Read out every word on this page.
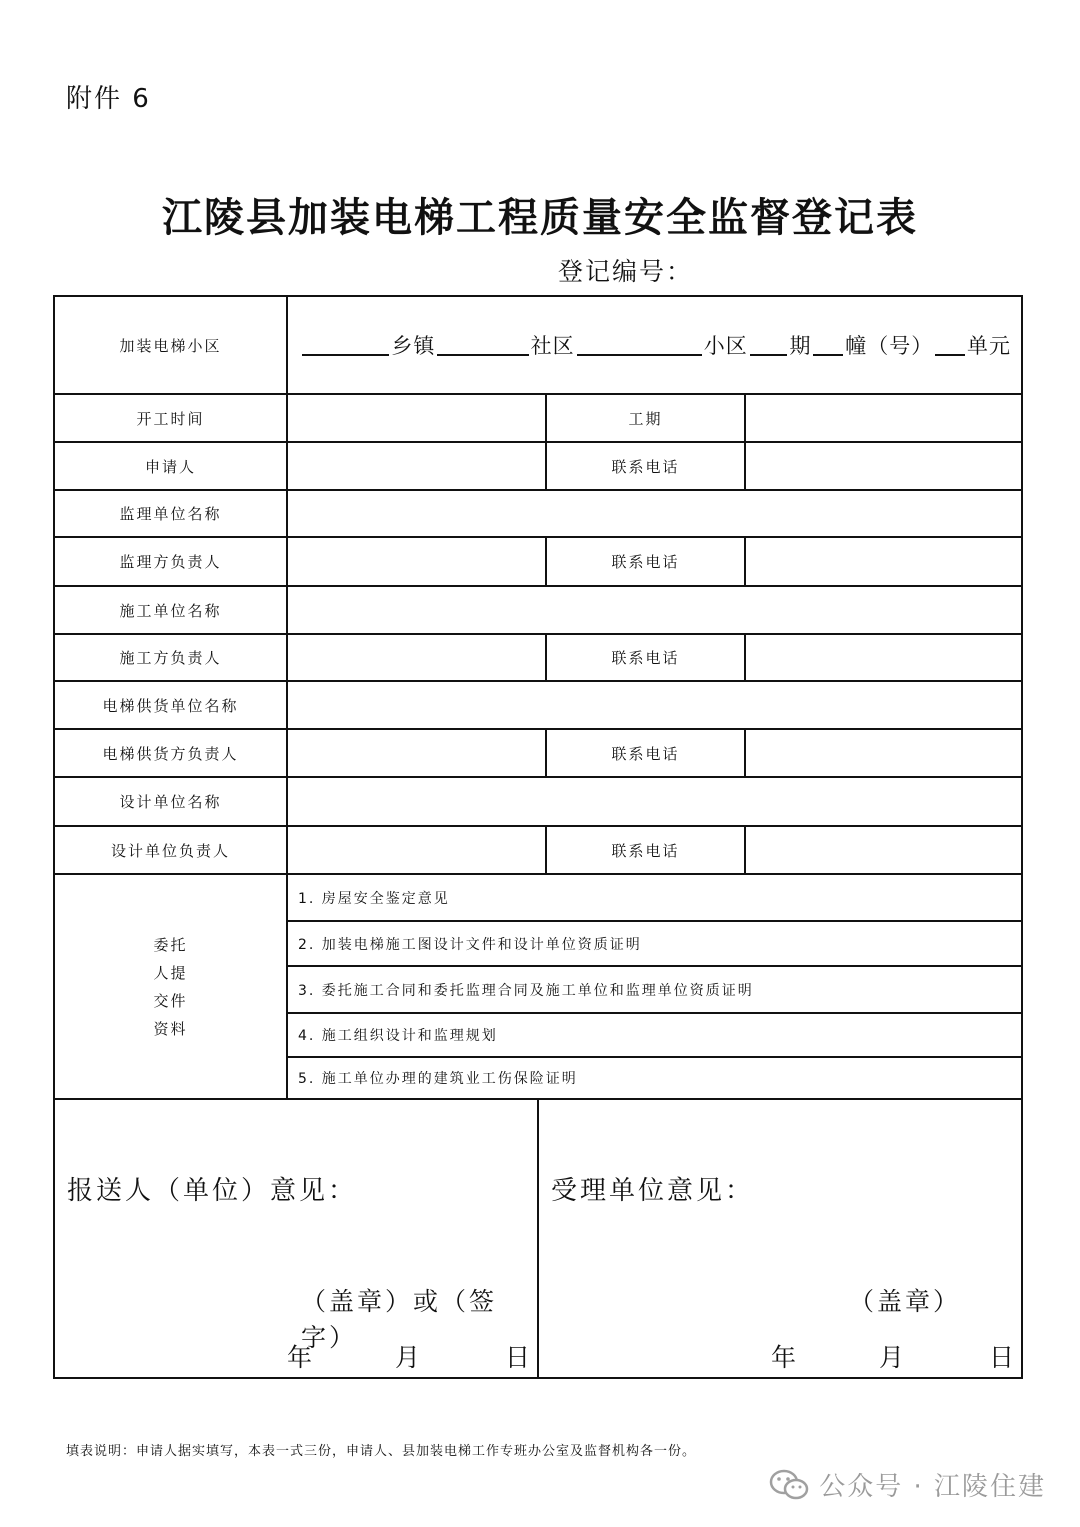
附件 6
江陵县加装电梯工程质量安全监督登记表
登记编号：
加装电梯小区	乡镇	社区	小区 期 幢（号） 单元
开工时间	工期
申请人	联系电话
监理单位名称
监理方负责人	联系电话
施工单位名称
施工方负责人	联系电话
电梯供货单位名称
电梯供货方负责人	联系电话
设计单位名称
设计单位负责人	联系电话
委托
人提
交件
资料
1. 房屋安全鉴定意见
2. 加装电梯施工图设计文件和设计单位资质证明
3. 委托施工合同和委托监理合同及施工单位和监理单位资质证明
4. 施工组织设计和监理规划
5. 施工单位办理的建筑业工伤保险证明
报送人（单位）意见：
（盖章）或（签字）
年	月	日
受理单位意见：
（盖章）
年	月	日
填表说明：申请人据实填写，本表一式三份，申请人、县加装电梯工作专班办公室及监督机构各一份。
公众号 · 江陵住建
